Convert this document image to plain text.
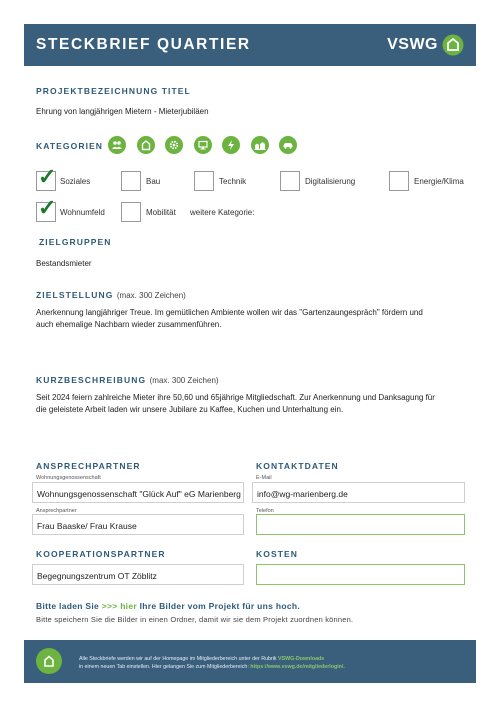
STECKBRIEF QUARTIER	VSWG
PROJEKTBEZEICHNUNG TITEL
Ehrung von langjährigen Mietern - Mieterjubiläen
KATEGORIEN
✓ Soziales	Bau	Technik	Digitalisierung	Energie/Klima
✓ Wohnumfeld	Mobilität weitere Kategorie:
ZIELGRUPPEN
Bestandsmieter
ZIELSTELLUNG (max. 300 Zeichen)
Anerkennung langjähriger Treue. Im gemütlichen Ambiente wollen wir das "Gartenzaungespräch" fördern und
auch ehemalige Nachbarn wieder zusammenführen.
KURZBESCHREIBUNG (max. 300 Zeichen)
Seit 2024 feiern zahlreiche Mieter ihre 50,60 und 65jährige Mitgliedschaft. Zur Anerkennung und Danksagung für
die geleistete Arbeit laden wir unsere Jubilare zu Kaffee, Kuchen und Unterhaltung ein.
ANSPRECHPARTNER	KONTAKTDATEN
Wohnungsgenossenschaft
Wohnungsgenossenschaft "Glück Auf" eG Marienberg
E-Mail
info@wg-marienberg.de
Ansprechpartner
Frau Baaske/ Frau Krause
Telefon
KOOPERATIONSPARTNER	KOSTEN
Begegnungszentrum OT Zöblitz
Bitte laden Sie >>> hier Ihre Bilder vom Projekt für uns hoch.
Bitte speichern Sie die Bilder in einen Ordner, damit wir sie dem Projekt zuordnen können.
Alle Steckbriefe werden wir auf der Homepage im Mitgliederbereich unter der Rubrik VSWG-Downloads
in einem neuen Tab einstellen. Hier gelangen Sie zum Mitgliederbereich: https://www.vswg.de/mitgliederlogin/.
